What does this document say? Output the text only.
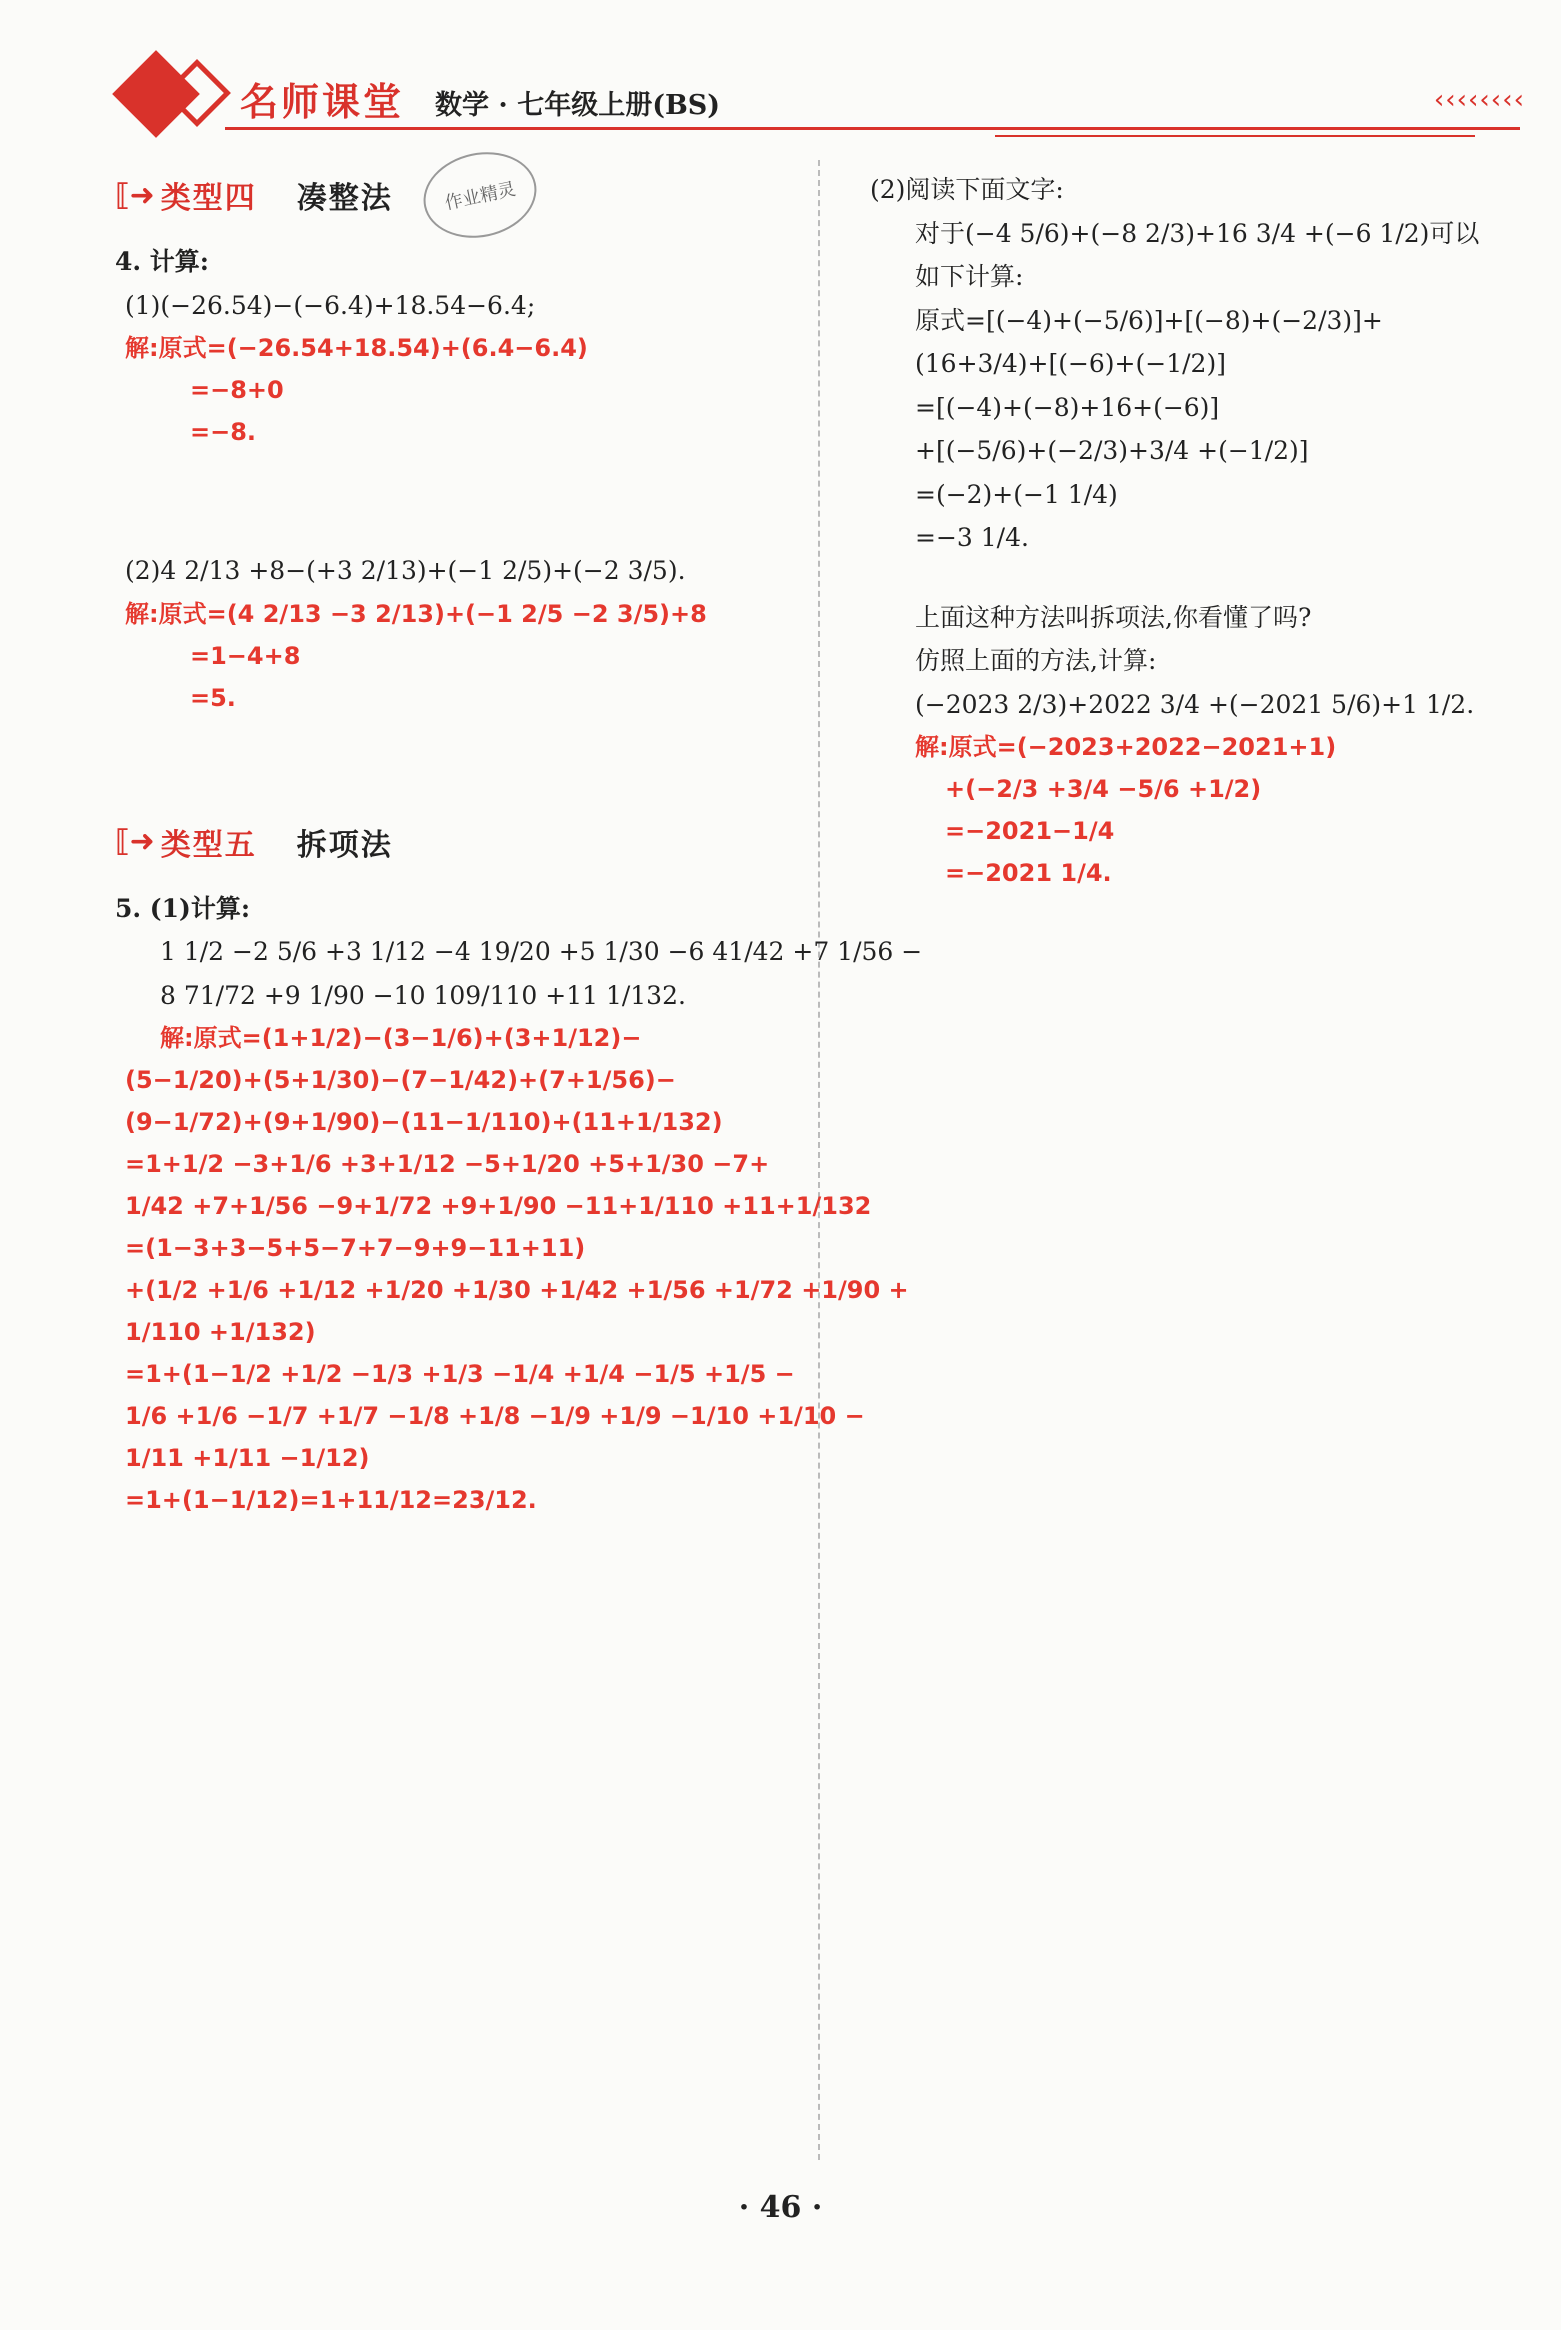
名师课堂 数学 · 七年级上册(BS)	‹‹‹‹‹‹‹‹
⟦➜ 类型四 凑整法	作业精灵
4. 计算:
(1)(−26.54)−(−6.4)+18.54−6.4;
解:原式=(−26.54+18.54)+(6.4−6.4)
=−8+0
=−8.
(2)4 2/13 +8−(+3 2/13)+(−1 2/5)+(−2 3/5).
解:原式=(4 2/13 −3 2/13)+(−1 2/5 −2 3/5)+8
=1−4+8
=5.
⟦➜ 类型五 拆项法
5. (1)计算:
1 1/2 −2 5/6 +3 1/12 −4 19/20 +5 1/30 −6 41/42 +7 1/56 −
8 71/72 +9 1/90 −10 109/110 +11 1/132.
解:原式=(1+1/2)−(3−1/6)+(3+1/12)−
(5−1/20)+(5+1/30)−(7−1/42)+(7+1/56)−
(9−1/72)+(9+1/90)−(11−1/110)+(11+1/132)
=1+1/2 −3+1/6 +3+1/12 −5+1/20 +5+1/30 −7+
1/42 +7+1/56 −9+1/72 +9+1/90 −11+1/110 +11+1/132
=(1−3+3−5+5−7+7−9+9−11+11)
+(1/2 +1/6 +1/12 +1/20 +1/30 +1/42 +1/56 +1/72 +1/90 +
1/110 +1/132)
=1+(1−1/2 +1/2 −1/3 +1/3 −1/4 +1/4 −1/5 +1/5 −
1/6 +1/6 −1/7 +1/7 −1/8 +1/8 −1/9 +1/9 −1/10 +1/10 −
1/11 +1/11 −1/12)
=1+(1−1/12)=1+11/12=23/12.
(2)阅读下面文字:
对于(−4 5/6)+(−8 2/3)+16 3/4 +(−6 1/2)可以
如下计算:
原式=[(−4)+(−5/6)]+[(−8)+(−2/3)]+
(16+3/4)+[(−6)+(−1/2)]
=[(−4)+(−8)+16+(−6)]
+[(−5/6)+(−2/3)+3/4 +(−1/2)]
=(−2)+(−1 1/4)
=−3 1/4.
上面这种方法叫拆项法,你看懂了吗?
仿照上面的方法,计算:
(−2023 2/3)+2022 3/4 +(−2021 5/6)+1 1/2.
解:原式=(−2023+2022−2021+1)
+(−2/3 +3/4 −5/6 +1/2)
=−2021−1/4
=−2021 1/4.
· 46 ·
